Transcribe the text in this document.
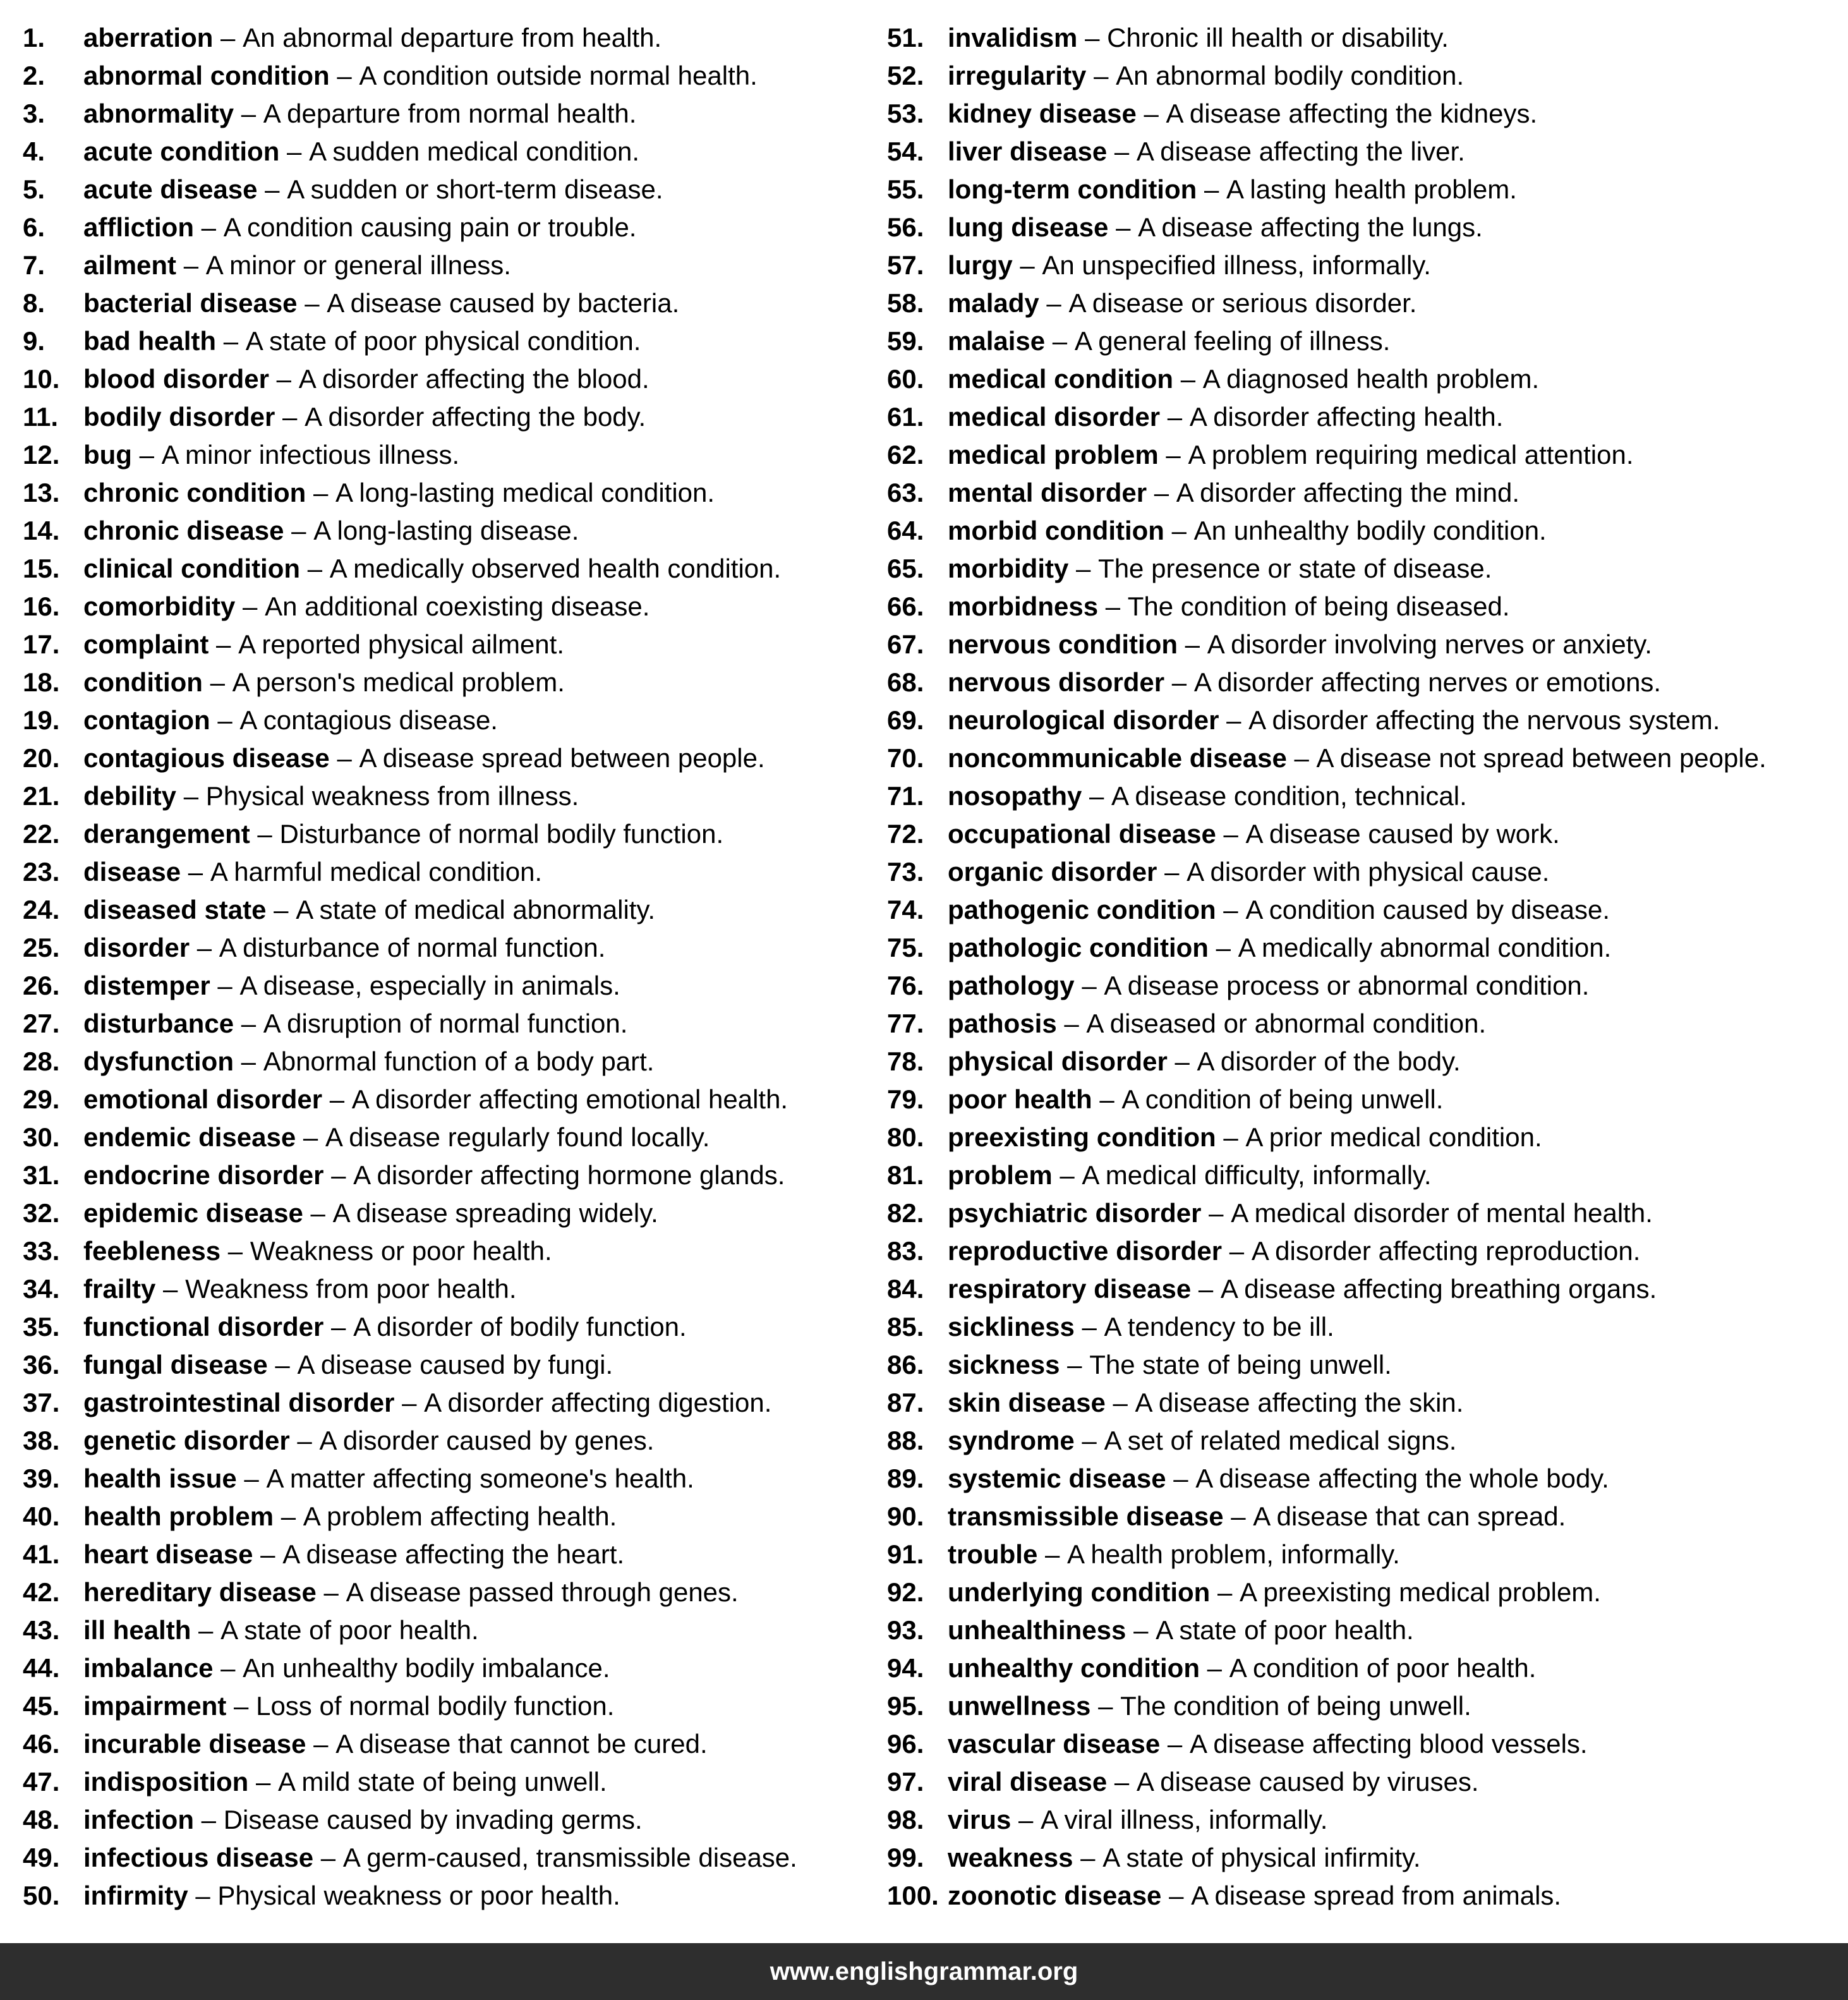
1.	aberration – An abnormal departure from health.
2.	abnormal condition – A condition outside normal health.
3.	abnormality – A departure from normal health.
4.	acute condition – A sudden medical condition.
5.	acute disease – A sudden or short-term disease.
6.	affliction – A condition causing pain or trouble.
7.	ailment – A minor or general illness.
8.	bacterial disease – A disease caused by bacteria.
9.	bad health – A state of poor physical condition.
10. blood disorder – A disorder affecting the blood.
11. bodily disorder – A disorder affecting the body.
12. bug – A minor infectious illness.
13. chronic condition – A long-lasting medical condition.
14. chronic disease – A long-lasting disease.
15. clinical condition – A medically observed health condition.
16. comorbidity – An additional coexisting disease.
17. complaint – A reported physical ailment.
18. condition – A person's medical problem.
19. contagion – A contagious disease.
20. contagious disease – A disease spread between people.
21. debility – Physical weakness from illness.
22. derangement – Disturbance of normal bodily function.
23. disease – A harmful medical condition.
24. diseased state – A state of medical abnormality.
25. disorder – A disturbance of normal function.
26. distemper – A disease, especially in animals.
27. disturbance – A disruption of normal function.
28. dysfunction – Abnormal function of a body part.
29. emotional disorder – A disorder affecting emotional health.
30. endemic disease – A disease regularly found locally.
31. endocrine disorder – A disorder affecting hormone glands.
32. epidemic disease – A disease spreading widely.
33. feebleness – Weakness or poor health.
34. frailty – Weakness from poor health.
35. functional disorder – A disorder of bodily function.
36. fungal disease – A disease caused by fungi.
37. gastrointestinal disorder – A disorder affecting digestion.
38. genetic disorder – A disorder caused by genes.
39. health issue – A matter affecting someone's health.
40. health problem – A problem affecting health.
41. heart disease – A disease affecting the heart.
42. hereditary disease – A disease passed through genes.
43. ill health – A state of poor health.
44. imbalance – An unhealthy bodily imbalance.
45. impairment – Loss of normal bodily function.
46. incurable disease – A disease that cannot be cured.
47. indisposition – A mild state of being unwell.
48. infection – Disease caused by invading germs.
49. infectious disease – A germ-caused, transmissible disease.
50. infirmity – Physical weakness or poor health.
51. invalidism – Chronic ill health or disability.
52. irregularity – An abnormal bodily condition.
53. kidney disease – A disease affecting the kidneys.
54. liver disease – A disease affecting the liver.
55. long-term condition – A lasting health problem.
56. lung disease – A disease affecting the lungs.
57. lurgy – An unspecified illness, informally.
58. malady – A disease or serious disorder.
59. malaise – A general feeling of illness.
60. medical condition – A diagnosed health problem.
61. medical disorder – A disorder affecting health.
62. medical problem – A problem requiring medical attention.
63. mental disorder – A disorder affecting the mind.
64. morbid condition – An unhealthy bodily condition.
65. morbidity – The presence or state of disease.
66. morbidness – The condition of being diseased.
67. nervous condition – A disorder involving nerves or anxiety.
68. nervous disorder – A disorder affecting nerves or emotions.
69. neurological disorder – A disorder affecting the nervous system.
70. noncommunicable disease – A disease not spread between people.
71. nosopathy – A disease condition, technical.
72. occupational disease – A disease caused by work.
73. organic disorder – A disorder with physical cause.
74. pathogenic condition – A condition caused by disease.
75. pathologic condition – A medically abnormal condition.
76. pathology – A disease process or abnormal condition.
77. pathosis – A diseased or abnormal condition.
78. physical disorder – A disorder of the body.
79. poor health – A condition of being unwell.
80. preexisting condition – A prior medical condition.
81. problem – A medical difficulty, informally.
82. psychiatric disorder – A medical disorder of mental health.
83. reproductive disorder – A disorder affecting reproduction.
84. respiratory disease – A disease affecting breathing organs.
85. sickliness – A tendency to be ill.
86. sickness – The state of being unwell.
87. skin disease – A disease affecting the skin.
88. syndrome – A set of related medical signs.
89. systemic disease – A disease affecting the whole body.
90. transmissible disease – A disease that can spread.
91. trouble – A health problem, informally.
92. underlying condition – A preexisting medical problem.
93. unhealthiness – A state of poor health.
94. unhealthy condition – A condition of poor health.
95. unwellness – The condition of being unwell.
96. vascular disease – A disease affecting blood vessels.
97. viral disease – A disease caused by viruses.
98. virus – A viral illness, informally.
99. weakness – A state of physical infirmity.
100. zoonotic disease – A disease spread from animals.
www.englishgrammar.org
